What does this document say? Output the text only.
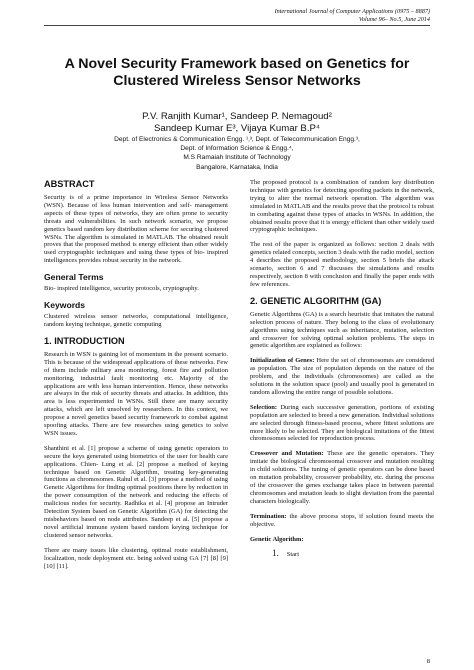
International Journal of Computer Applications (0975 – 8887)
Volume 96– No.5, June 2014
A Novel Security Framework based on Genetics for Clustered Wireless Sensor Networks
P.V. Ranjith Kumar¹, Sandeep P. Nemagoud²
Sandeep Kumar E³, Vijaya Kumar B.P⁴
Dept. of Electronics & Communication Engg. ¹‚³, Dept. of Telecommunication Engg.³,
Dept. of Information Science & Engg.⁴,
M.S Ramaiah Institute of Technology
Bangalore, Karnataka, India
ABSTRACT

Security is of a prime importance in Wireless Sensor Networks (WSN). Because of less human intervention and self- management aspects of these types of networks, they are often prone to security threats and vulnerabilities. In such network scenario, we propose genetics based random key distribution scheme for securing clustered WSNs. The algorithm is simulated in MATLAB. The obtained result proves that the proposed method is energy efficient than other widely used cryptographic techniques and using these types of bio- inspired intelligences provides robust security in the network.

General Terms

Bio- inspired intelligence, security protocols, cryptography.

Keywords

Clustered wireless sensor networks, computational intelligence, random keying technique, genetic computing

1. INTRODUCTION

Research in WSN is gaining lot of momentum in the present scenario. This is because of the widespread applications of these networks. Few of them include military area monitoring, forest fire and pollution monitoring, industrial fault monitoring etc. Majority of the applications are with less human intervention. Hence, these networks are always in the risk of security threats and attacks. In addition, this area is less experimented in WSNs. Still there are many security attacks, which are left unsolved by researchers. In this context, we propose a novel genetics based security framework to combat against spoofing attacks. There are few researches using genetics to solve WSN issues.

Shanthini et al. [1] propose a scheme of using genetic operators to secure the keys generated using biometrics of the user for health care applications. Chien- Lung et al. [2] propose a method of keying technique based on Genetic Algorithm, treating key-generating functions as chromosomes. Rahul et al. [3] propose a method of using Genetic Algorithms for finding optimal positions there by reduction in the power consumption of the network and reducing the effects of malicious nodes for security. Radhika et al. [4] propose an Intruder Detection System based on Genetic Algorithm (GA) for detecting the misbehaviors based on node attributes. Sandeep et al. [5] propose a novel artificial immune system based random keying technique for clustered sensor networks.

There are many issues like clustering, optimal route establishment, localization, node deployment etc. being solved using GA [7] [8] [9] [10] [11].

The proposed protocol is a combination of random key distribution technique with genetics for detecting spoofing packets in the network, trying to alter the normal network operation. The algorithm was simulated in MATLAB and the results prove that the protocol is robust in combating against these types of attacks in WSNs. In addition, the obtained results prove that it is energy efficient than other widely used cryptographic techniques.

The rest of the paper is organized as follows: section 2 deals with genetics related concepts, section 3 deals with the radio model, section 4 describes the proposed methodology, section 5 briefs the attack scenario, section 6 and 7 discusses the simulations and results respectively, section 8 with conclusion and finally the paper ends with few references.

2. GENETIC ALGORITHM (GA)

Genetic Algorithms (GA) is a search heuristic that imitates the natural selection process of nature. They belong to the class of evolutionary algorithms using techniques such as inheritance, mutation, selection and crossover for solving optimal solution problems. The steps in genetic algorithm are explained as follows:

Initialization of Genes: Here the set of chromosomes are considered as population. The size of population depends on the nature of the problem, and the individuals (chromosomes) are called as the solutions in the solution space (pool) and usually pool is generated in random allowing the entire range of possible solutions.

Selection: During each successive generation, portions of existing population are selected to breed a new generation. Individual solutions are selected through fitness-based process, where fittest solutions are more likely to be selected. They are biological imitations of the fittest chromosomes selected for reproduction process.

Crossover and Mutation: These are the genetic operators. They imitate the biological chromosomal crossover and mutation resulting in child solutions. The tuning of genetic operators can be done based on mutation probability, crossover probability, etc. during the process of the crossover the genes exchange takes place in between parental chromosomes and mutation leads to slight deviation from the parental characters biologically.

Termination: the above process stops, if solution found meets the objective.

Genetic Algorithm:

1. Start
8
